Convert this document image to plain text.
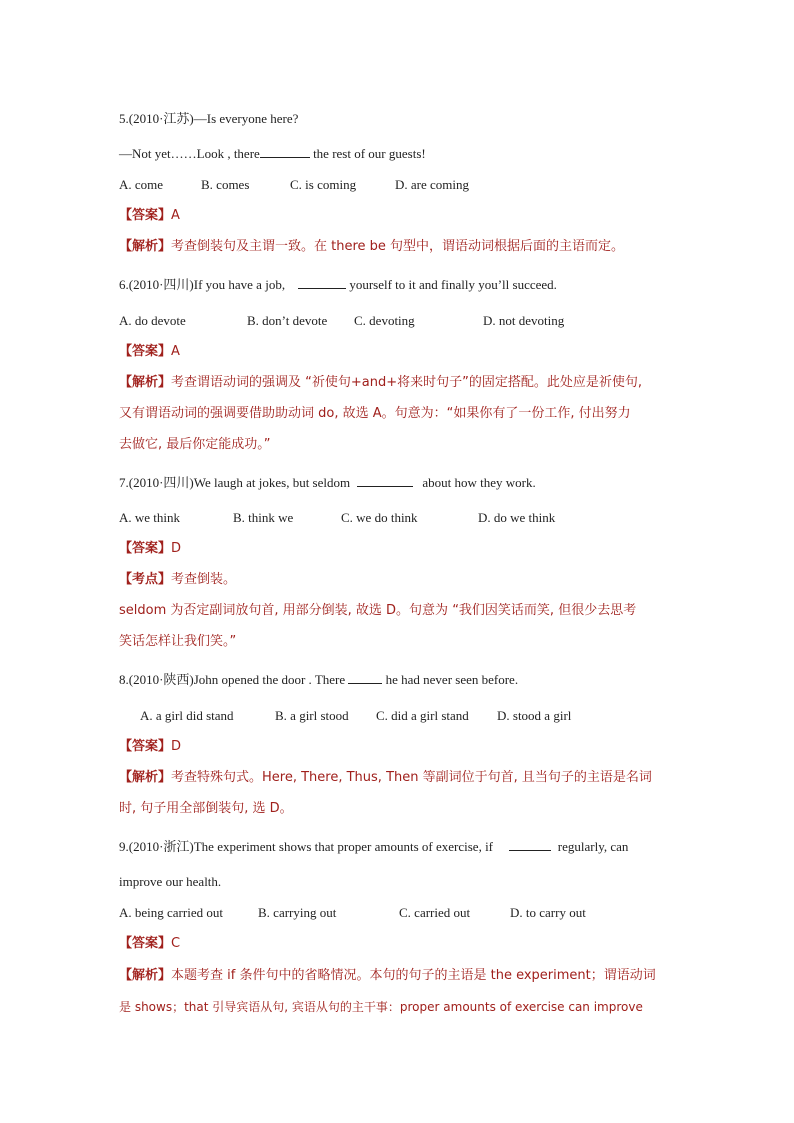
5.(2010·江苏)—Is everyone here?
—Not yet……Look , there	the rest of our guests!
A. come	B. comes	C. is coming	D. are coming
【答案】A
【解析】考查倒装句及主谓一致。在 there be 句型中，谓语动词根据后面的主语而定。
6.(2010·四川)If you have a job,	yourself to it and finally you’ll succeed.
A. do devote	B. don’t devote C. devoting	D. not devoting
【答案】A
【解析】考查谓语动词的强调及 “祈使句+and+将来时句子”的固定搭配。此处应是祈使句,
又有谓语动词的强调要借助助动词 do, 故选 A。句意为：“如果你有了一份工作, 付出努力
去做它, 最后你定能成功。”
7.(2010·四川)We laugh at jokes, but seldom	about how they work.
A. we think	B. think we	C. we do think	D. do we think
【答案】D
【考点】考查倒装。
seldom 为否定副词放句首, 用部分倒装, 故选 D。句意为 “我们因笑话而笑, 但很少去思考
笑话怎样让我们笑。”
8.(2010·陕西)John opened the door . There	he had never seen before.
A. a girl did stand	B. a girl stood C. did a girl stand D. stood a girl
【答案】D
【解析】考查特殊句式。Here, There, Thus, Then 等副词位于句首, 且当句子的主语是名词
时, 句子用全部倒装句, 选 D。
9.(2010·浙江)The experiment shows that proper amounts of exercise, if	regularly, can
improve our health.
A. being carried out	B. carrying out	C. carried out	D. to carry out
【答案】C
【解析】本题考查 if 条件句中的省略情况。本句的句子的主语是 the experiment；谓语动词
是 shows；that 引导宾语从句, 宾语从句的主干事：proper amounts of exercise can improve
